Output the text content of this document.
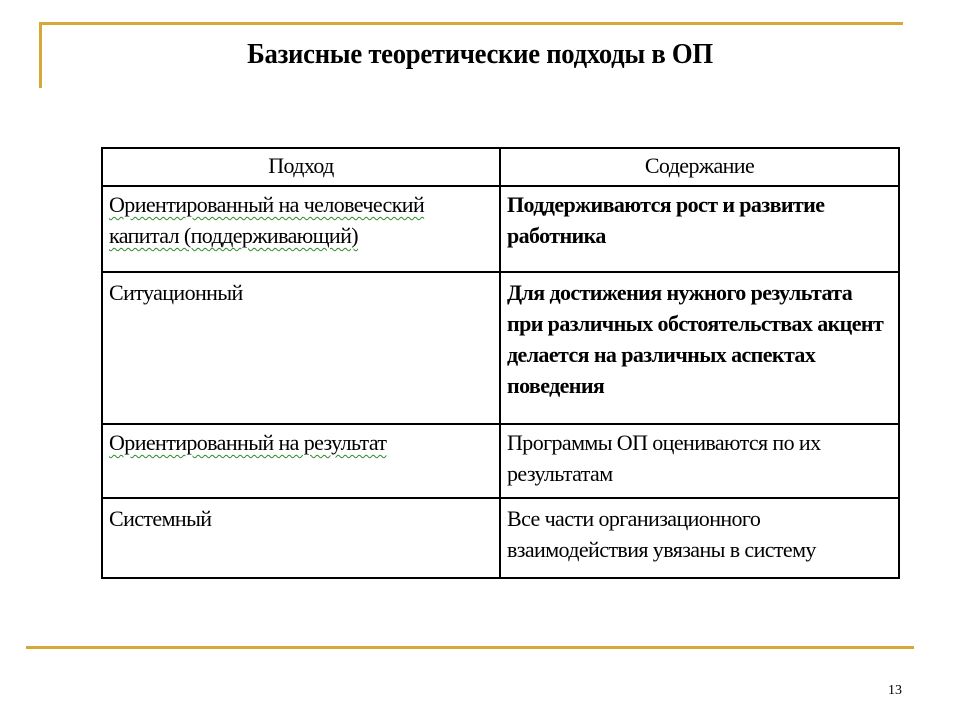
Базисные теоретические подходы в ОП
Подход	Содержание
Ориентированный на человеческий капитал (поддерживающий)	Поддерживаются рост и развитие работника
Ситуационный	Для достижения нужного результата при различных обстоятельствах акцент делается на различных аспектах поведения
Ориентированный на результат	Программы ОП оцениваются по их результатам
Системный	Все части организационного взаимодействия увязаны в систему
13
